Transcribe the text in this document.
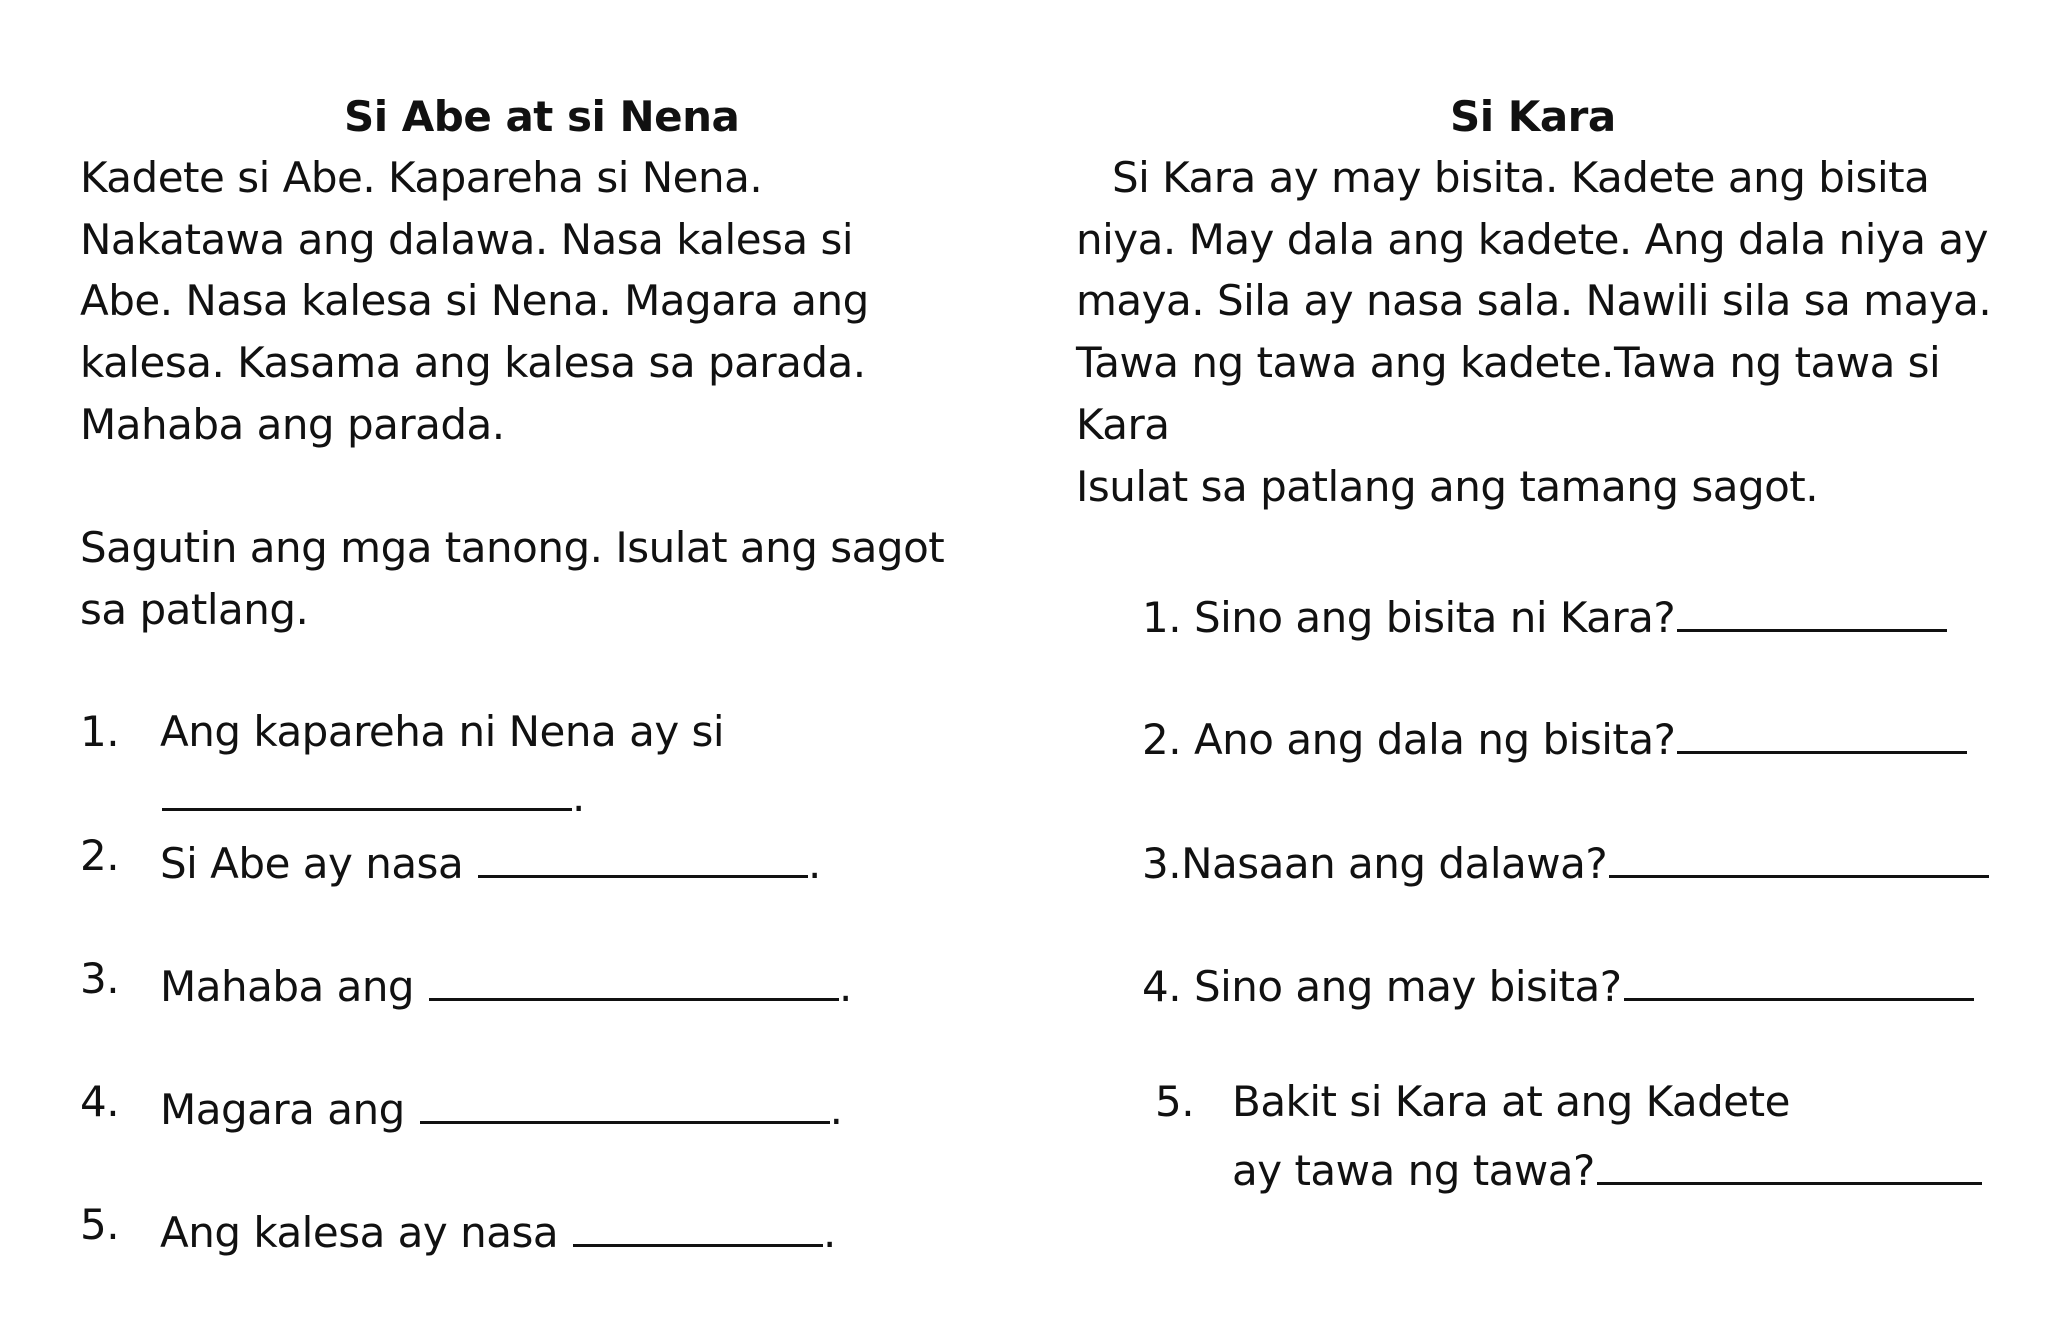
Si Abe at si Nena
Kadete si Abe. Kapareha si Nena.
Nakatawa ang dalawa. Nasa kalesa si
Abe. Nasa kalesa si Nena. Magara ang
kalesa. Kasama ang kalesa sa parada.
Mahaba ang parada.
Sagutin ang mga tanong. Isulat ang sagot
sa patlang.
1. Ang kapareha ni Nena ay si
.
2. Si Abe ay nasa	.
3. Mahaba ang	.
4. Magara ang	.
5. Ang kalesa ay nasa	.
Si Kara
Si Kara ay may bisita. Kadete ang bisita
niya. May dala ang kadete. Ang dala niya ay
maya. Sila ay nasa sala. Nawili sila sa maya.
Tawa ng tawa ang kadete.Tawa ng tawa si
Kara
Isulat sa patlang ang tamang sagot.
1. Sino ang bisita ni Kara?
2. Ano ang dala ng bisita?
3.Nasaan ang dalawa?
4. Sino ang may bisita?
5. Bakit si Kara at ang Kadete
ay tawa ng tawa?
